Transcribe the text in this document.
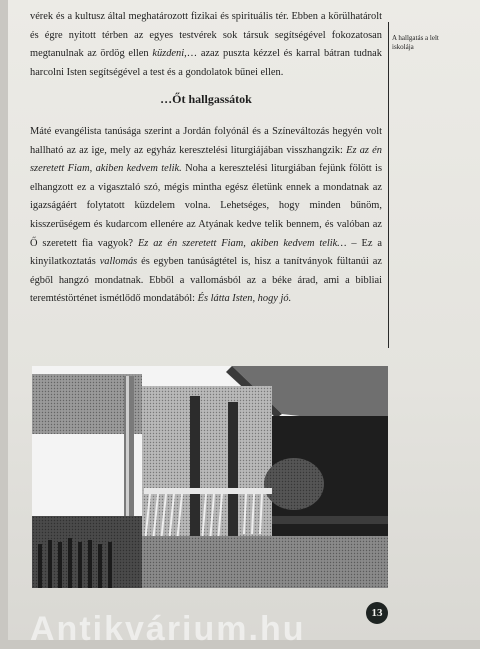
vérek és a kultusz által meghatározott fizikai és spirituális tér. Ebben a körülhatárolt és égre nyitott térben az egyes testvérek sok társuk segítségével fokozatosan megtanulnak az ördög ellen küzdeni,… azaz puszta kézzel és karral bátran tudnak harcolni Isten segítségével a test és a gondolatok bűnei ellen.

…Őt hallgassátok

Máté evangélista tanúsága szerint a Jordán folyónál és a Színeváltozás hegyén volt hallható az az ige, mely az egyház keresztelési liturgiájában visszhangzik: Ez az én szeretett Fiam, akiben kedvem telik. Noha a keresztelési liturgiában fejünk fölött is elhangzott ez a vigasztaló szó, mégis mintha egész életünk ennek a mondatnak az igazságáért folytatott küzdelem volna. Lehetséges, hogy minden bűnöm, kisszerűségem és kudarcom ellenére az Atyának kedve telik bennem, és valóban az Ő szeretett fia vagyok? Ez az én szeretett Fiam, akiben kedvem telik… – Ez a kinyilatkoztatás vallomás és egyben tanúságtétel is, hisz a tanítványok fültanúi az égből hangzó mondatnak. Ebből a vallomásból az a béke árad, ami a bibliai teremtéstörténet ismétlődő mondatából: És látta Isten, hogy jó.

A hallgatás a lelt iskolája
13
Antikvárium.hu
